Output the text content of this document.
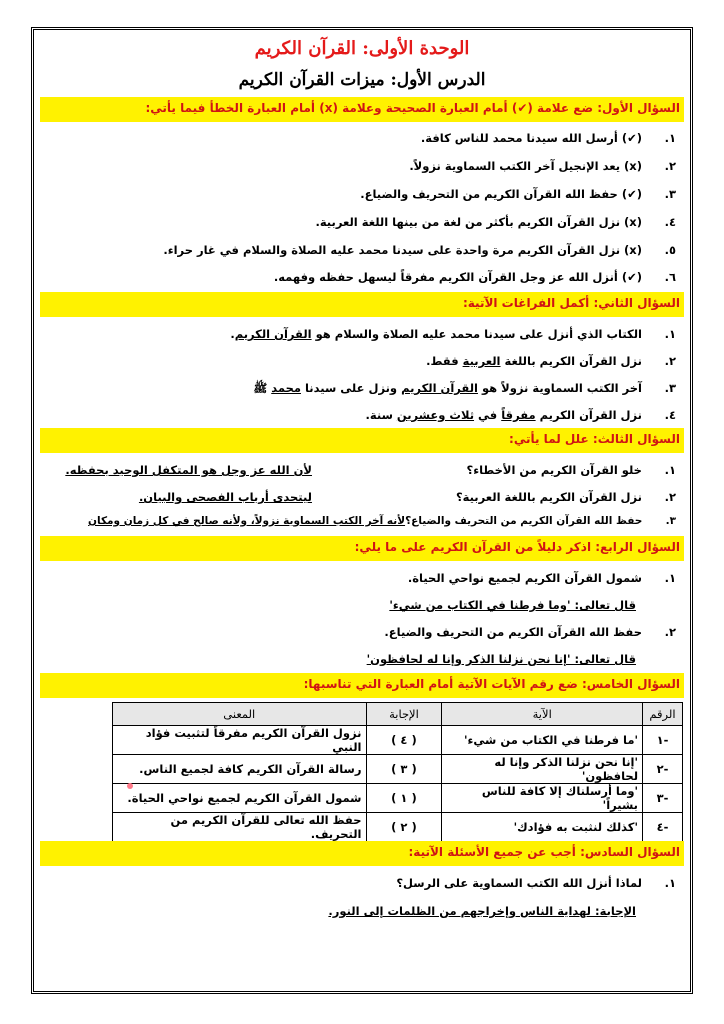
الوحدة الأولى: القرآن الكريم
الدرس الأول: ميزات القرآن الكريم
السؤال الأول: ضع علامة (✔) أمام العبارة الصحيحة وعلامة (x) أمام العبارة الخطأ فيما يأتي:
١. (✔) أرسل الله سيدنا محمد للناس كافة.
٢. (x) يعد الإنجيل آخر الكتب السماوية نزولاً.
٣. (✔) حفظ الله القرآن الكريم من التحريف والضياع.
٤. (x) نزل القرآن الكريم بأكثر من لغة من بينها اللغة العربية.
٥. (x) نزل القرآن الكريم مرة واحدة على سيدنا محمد عليه الصلاة والسلام في غار حراء.
٦. (✔) أنزل الله عز وجل القرآن الكريم مفرقاً ليسهل حفظه وفهمه.
السؤال الثاني: أكمل الفراغات الآتية:
١. الكتاب الذي أنزل على سيدنا محمد عليه الصلاة والسلام هو القرآن الكريم.
٢. نزل القرآن الكريم باللغة العربية فقط.
٣. آخر الكتب السماوية نزولاً هو القرآن الكريم ونزل على سيدنا محمد ﷺ
٤. نزل القرآن الكريم مفرقاً في ثلاث وعشرين سنة.
السؤال الثالث: علل لما يأتي:
١. خلو القرآن الكريم من الأخطاء؟لأن الله عز وجل هو المتكفل الوحيد بحفظه.
٢. نزل القرآن الكريم باللغة العربية؟ليتحدى أرباب الفصحى والبيان.
٣. حفظ الله القرآن الكريم من التحريف والضياع؟لأنه آخر الكتب السماوية نزولاً، ولأنه صالح في كل زمان ومكان
السؤال الرابع: اذكر دليلاً من القرآن الكريم على ما يلي:
١. شمول القرآن الكريم لجميع نواحي الحياة.
قال تعالى: 'وما فرطنا في الكتاب من شيء'
٢. حفظ الله القرآن الكريم من التحريف والضياع.
قال تعالى: 'إنا نحن نزلنا الذكر وإنا له لحافظون'
السؤال الخامس: ضع رقم الآيات الآتية أمام العبارة التي تناسبها:
الرقم	الآية	الإجابة	المعنى
-١	'ما فرطنا في الكتاب من شيء'	( ٤ )	نزول القرآن الكريم مفرقاً لتثبيت فؤاد النبي
-٢	'إنا نحن نزلنا الذكر وإنا له لحافظون'	( ٣ )	رسالة القرآن الكريم كافة لجميع الناس.
-٣	'وما أرسلناك إلا كافة للناس بشيراً'	( ١ )	شمول القرآن الكريم لجميع نواحي الحياة.
-٤	'كذلك لنثبت به فؤادك'	( ٢ )	حفظ الله تعالى للقرآن الكريم من التحريف.
السؤال السادس: أجب عن جميع الأسئلة الآتية:
١. لماذا أنزل الله الكتب السماوية على الرسل؟
الإجابة: لهداية الناس وإخراجهم من الظلمات إلى النور.
